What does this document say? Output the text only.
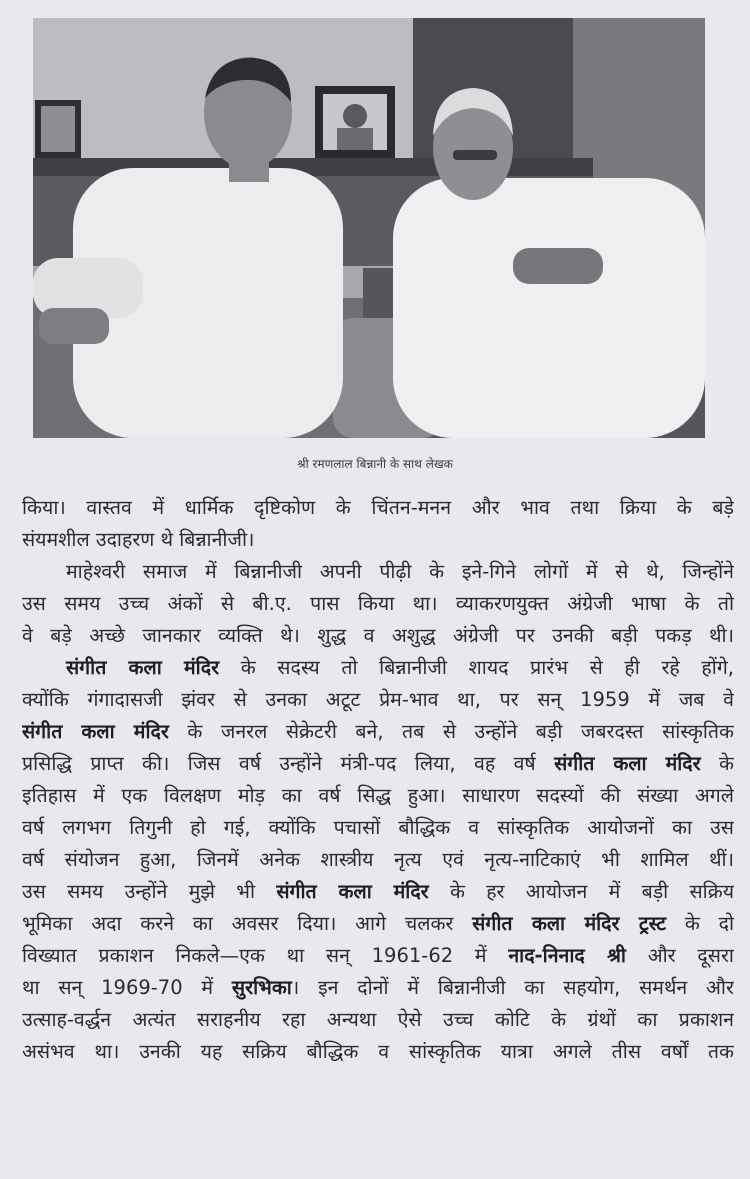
श्री रमणलाल बिन्नानी के साथ लेखक
किया। वास्तव में धार्मिक दृष्टिकोण के चिंतन-मनन और भाव तथा क्रिया के बड़े
संयमशील उदाहरण थे बिन्नानीजी।
माहेश्वरी समाज में बिन्नानीजी अपनी पीढ़ी के इने-गिने लोगों में से थे, जिन्होंने
उस समय उच्च अंकों से बी.ए. पास किया था। व्याकरणयुक्त अंग्रेजी भाषा के तो
वे बड़े अच्छे जानकार व्यक्ति थे। शुद्ध व अशुद्ध अंग्रेजी पर उनकी बड़ी पकड़ थी।
संगीत कला मंदिर के सदस्य तो बिन्नानीजी शायद प्रारंभ से ही रहे होंगे,
क्योंकि गंगादासजी झंवर से उनका अटूट प्रेम-भाव था, पर सन् 1959 में जब वे
संगीत कला मंदिर के जनरल सेक्रेटरी बने, तब से उन्होंने बड़ी जबरदस्त सांस्कृतिक
प्रसिद्धि प्राप्त की। जिस वर्ष उन्होंने मंत्री-पद लिया, वह वर्ष संगीत कला मंदिर के
इतिहास में एक विलक्षण मोड़ का वर्ष सिद्ध हुआ। साधारण सदस्यों की संख्या अगले
वर्ष लगभग तिगुनी हो गई, क्योंकि पचासों बौद्धिक व सांस्कृतिक आयोजनों का उस
वर्ष संयोजन हुआ, जिनमें अनेक शास्त्रीय नृत्य एवं नृत्य-नाटिकाएं भी शामिल थीं।
उस समय उन्होंने मुझे भी संगीत कला मंदिर के हर आयोजन में बड़ी सक्रिय
भूमिका अदा करने का अवसर दिया। आगे चलकर संगीत कला मंदिर ट्रस्ट के दो
विख्यात प्रकाशन निकले—एक था सन् 1961-62 में नाद-निनाद श्री और दूसरा
था सन् 1969-70 में सुरभिका। इन दोनों में बिन्नानीजी का सहयोग, समर्थन और
उत्साह-वर्द्धन अत्यंत सराहनीय रहा अन्यथा ऐसे उच्च कोटि के ग्रंथों का प्रकाशन
असंभव था। उनकी यह सक्रिय बौद्धिक व सांस्कृतिक यात्रा अगले तीस वर्षों तक
